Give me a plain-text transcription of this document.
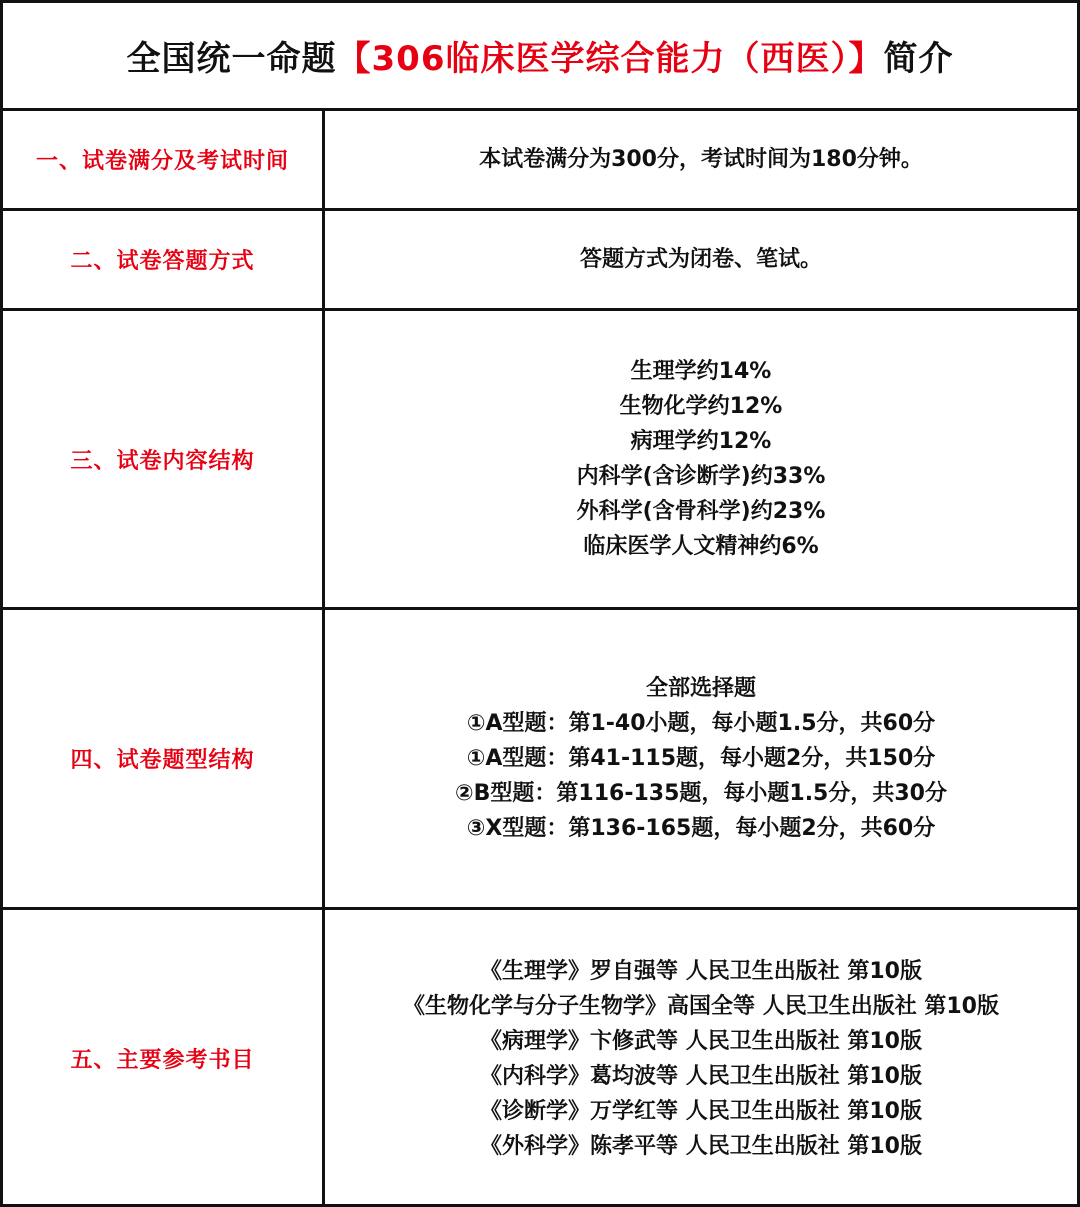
全国统一命题 【306临床医学综合能力（西医）】 简介
一、试卷满分及考试时间	本试卷满分为300分，考试时间为180分钟。
二、试卷答题方式	答题方式为闭卷、笔试。
三、试卷内容结构
生理学约14%
生物化学约12%
病理学约12%
内科学(含诊断学)约33%
外科学(含骨科学)约23%
临床医学人文精神约6%
四、试卷题型结构
全部选择题
①A型题：第1-40小题，每小题1.5分，共60分
①A型题：第41-115题，每小题2分，共150分
②B型题：第116-135题，每小题1.5分，共30分
③X型题：第136-165题，每小题2分，共60分
五、主要参考书目
《生理学》罗自强等 人民卫生出版社 第10版
《生物化学与分子生物学》高国全等 人民卫生出版社 第10版
《病理学》卞修武等 人民卫生出版社 第10版
《内科学》葛均波等 人民卫生出版社 第10版
《诊断学》万学红等 人民卫生出版社 第10版
《外科学》陈孝平等 人民卫生出版社 第10版
